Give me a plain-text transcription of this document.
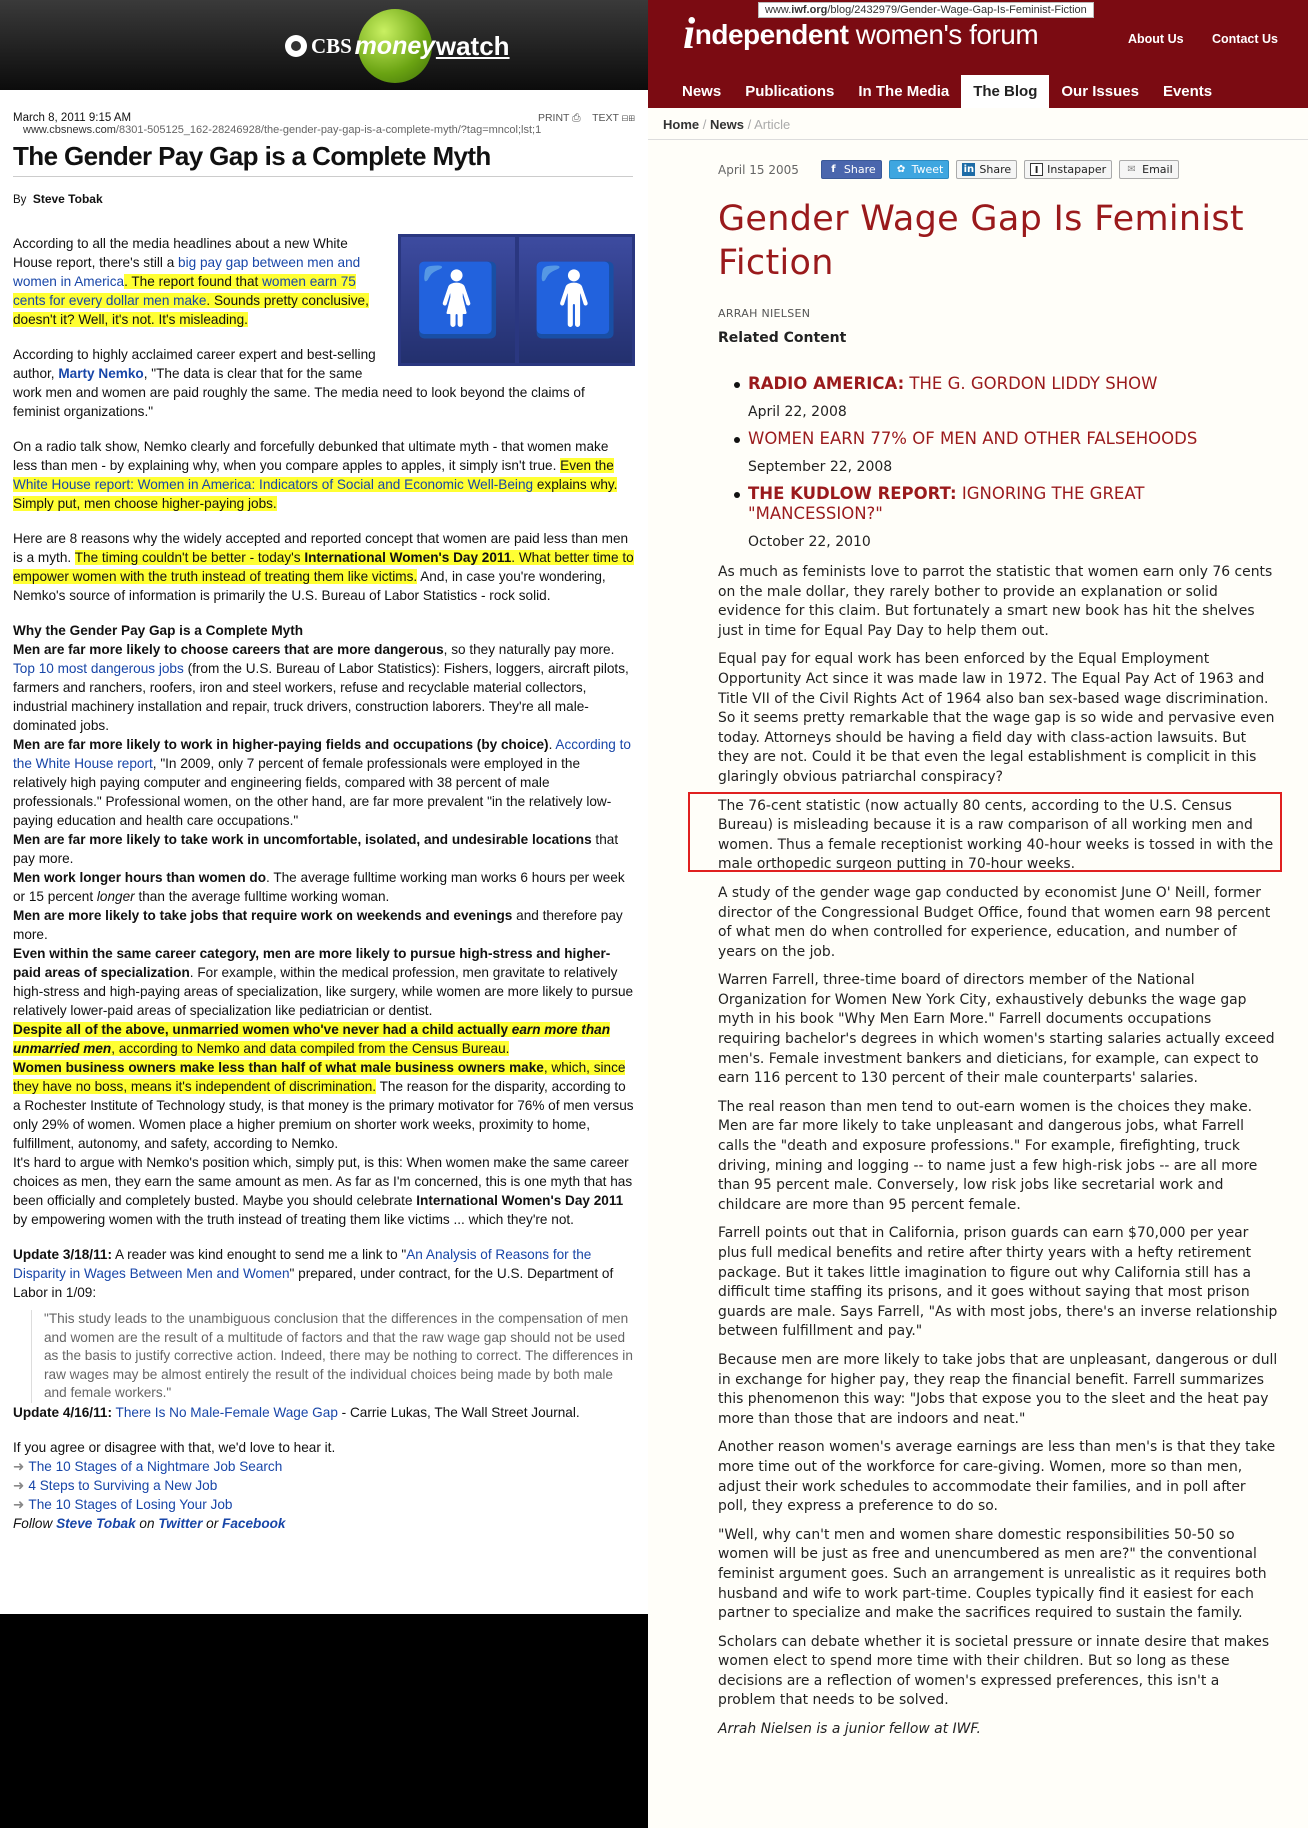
CBS money watch
March 8, 2011 9:15 AM	PRINT ⎙ TEXT ⊟⊞
www.cbsnews.com/8301-505125_162-28246928/the-gender-pay-gap-is-a-complete-myth/?tag=mncol;lst;1
The Gender Pay Gap is a Complete Myth
By Steve Tobak
🚺 🚹

According to all the media headlines about a new White House report, there's still a big pay gap between men and women in America. The report found that women earn 75 cents for every dollar men make. Sounds pretty conclusive, doesn't it? Well, it's not. It's misleading.

According to highly acclaimed career expert and best-selling author, Marty Nemko, "The data is clear that for the same work men and women are paid roughly the same. The media need to look beyond the claims of feminist organizations."

On a radio talk show, Nemko clearly and forcefully debunked that ultimate myth - that women make less than men - by explaining why, when you compare apples to apples, it simply isn't true. Even the White House report: Women in America: Indicators of Social and Economic Well-Being explains why. Simply put, men choose higher-paying jobs.

Here are 8 reasons why the widely accepted and reported concept that women are paid less than men is a myth. The timing couldn't be better - today's International Women's Day 2011. What better time to empower women with the truth instead of treating them like victims. And, in case you're wondering, Nemko's source of information is primarily the U.S. Bureau of Labor Statistics - rock solid.

Why the Gender Pay Gap is a Complete Myth
Men are far more likely to choose careers that are more dangerous, so they naturally pay more. Top 10 most dangerous jobs (from the U.S. Bureau of Labor Statistics): Fishers, loggers, aircraft pilots, farmers and ranchers, roofers, iron and steel workers, refuse and recyclable material collectors, industrial machinery installation and repair, truck drivers, construction laborers. They're all male-dominated jobs.
Men are far more likely to work in higher-paying fields and occupations (by choice). According to the White House report, "In 2009, only 7 percent of female professionals were employed in the relatively high paying computer and engineering fields, compared with 38 percent of male professionals." Professional women, on the other hand, are far more prevalent "in the relatively low-paying education and health care occupations."
Men are far more likely to take work in uncomfortable, isolated, and undesirable locations that pay more.
Men work longer hours than women do. The average fulltime working man works 6 hours per week or 15 percent longer than the average fulltime working woman.
Men are more likely to take jobs that require work on weekends and evenings and therefore pay more.
Even within the same career category, men are more likely to pursue high-stress and higher-paid areas of specialization. For example, within the medical profession, men gravitate to relatively high-stress and high-paying areas of specialization, like surgery, while women are more likely to pursue relatively lower-paid areas of specialization like pediatrician or dentist.
Despite all of the above, unmarried women who've never had a child actually earn more than unmarried men, according to Nemko and data compiled from the Census Bureau.
Women business owners make less than half of what male business owners make, which, since they have no boss, means it's independent of discrimination. The reason for the disparity, according to a Rochester Institute of Technology study, is that money is the primary motivator for 76% of men versus only 29% of women. Women place a higher premium on shorter work weeks, proximity to home, fulfillment, autonomy, and safety, according to Nemko.

It's hard to argue with Nemko's position which, simply put, is this: When women make the same career choices as men, they earn the same amount as men. As far as I'm concerned, this is one myth that has been officially and completely busted. Maybe you should celebrate International Women's Day 2011 by empowering women with the truth instead of treating them like victims ... which they're not.

Update 3/18/11: A reader was kind enought to send me a link to "An Analysis of Reasons for the Disparity in Wages Between Men and Women" prepared, under contract, for the U.S. Department of Labor in 1/09:
"This study leads to the unambiguous conclusion that the differences in the compensation of men and women are the result of a multitude of factors and that the raw wage gap should not be used as the basis to justify corrective action. Indeed, there may be nothing to correct. The differences in raw wages may be almost entirely the result of the individual choices being made by both male and female workers."
Update 4/16/11: There Is No Male-Female Wage Gap - Carrie Lukas, The Wall Street Journal.
If you agree or disagree with that, we'd love to hear it.
➜ The 10 Stages of a Nightmare Job Search
➜ 4 Steps to Surviving a New Job
➜ The 10 Stages of Losing Your Job
Follow Steve Tobak on Twitter or Facebook
www.iwf.org/blog/2432979/Gender-Wage-Gap-Is-Feminist-Fiction
independent women's forum	About Us Contact Us
News	Publications	In The Media	The Blog	Our Issues	Events
Home / News / Article
April 15 2005	f Share ✿ Tweet in Share	I Instapaper ✉ Email
Gender Wage Gap Is Feminist Fiction
ARRAH NIELSEN
Related Content
RADIO AMERICA: THE G. GORDON LIDDY SHOW
April 22, 2008
WOMEN EARN 77% OF MEN AND OTHER FALSEHOODS
September 22, 2008
THE KUDLOW REPORT: IGNORING THE GREAT "MANCESSION?"
October 22, 2010

As much as feminists love to parrot the statistic that women earn only 76 cents on the male dollar, they rarely bother to provide an explanation or solid evidence for this claim. But fortunately a smart new book has hit the shelves just in time for Equal Pay Day to help them out.

Equal pay for equal work has been enforced by the Equal Employment Opportunity Act since it was made law in 1972. The Equal Pay Act of 1963 and Title VII of the Civil Rights Act of 1964 also ban sex-based wage discrimination. So it seems pretty remarkable that the wage gap is so wide and pervasive even today. Attorneys should be having a field day with class-action lawsuits. But they are not. Could it be that even the legal establishment is complicit in this glaringly obvious patriarchal conspiracy?

The 76-cent statistic (now actually 80 cents, according to the U.S. Census Bureau) is misleading because it is a raw comparison of all working men and women. Thus a female receptionist working 40-hour weeks is tossed in with the male orthopedic surgeon putting in 70-hour weeks.

A study of the gender wage gap conducted by economist June O' Neill, former director of the Congressional Budget Office, found that women earn 98 percent of what men do when controlled for experience, education, and number of years on the job.

Warren Farrell, three-time board of directors member of the National Organization for Women New York City, exhaustively debunks the wage gap myth in his book "Why Men Earn More." Farrell documents occupations requiring bachelor's degrees in which women's starting salaries actually exceed men's. Female investment bankers and dieticians, for example, can expect to earn 116 percent to 130 percent of their male counterparts' salaries.

The real reason than men tend to out-earn women is the choices they make. Men are far more likely to take unpleasant and dangerous jobs, what Farrell calls the "death and exposure professions." For example, firefighting, truck driving, mining and logging -- to name just a few high-risk jobs -- are all more than 95 percent male. Conversely, low risk jobs like secretarial work and childcare are more than 95 percent female.

Farrell points out that in California, prison guards can earn $70,000 per year plus full medical benefits and retire after thirty years with a hefty retirement package. But it takes little imagination to figure out why California still has a difficult time staffing its prisons, and it goes without saying that most prison guards are male. Says Farrell, "As with most jobs, there's an inverse relationship between fulfillment and pay."

Because men are more likely to take jobs that are unpleasant, dangerous or dull in exchange for higher pay, they reap the financial benefit. Farrell summarizes this phenomenon this way: "Jobs that expose you to the sleet and the heat pay more than those that are indoors and neat."

Another reason women's average earnings are less than men's is that they take more time out of the workforce for care-giving. Women, more so than men, adjust their work schedules to accommodate their families, and in poll after poll, they express a preference to do so.

"Well, why can't men and women share domestic responsibilities 50-50 so women will be just as free and unencumbered as men are?" the conventional feminist argument goes. Such an arrangement is unrealistic as it requires both husband and wife to work part-time. Couples typically find it easiest for each partner to specialize and make the sacrifices required to sustain the family.

Scholars can debate whether it is societal pressure or innate desire that makes women elect to spend more time with their children. But so long as these decisions are a reflection of women's expressed preferences, this isn't a problem that needs to be solved.

Arrah Nielsen is a junior fellow at IWF.
